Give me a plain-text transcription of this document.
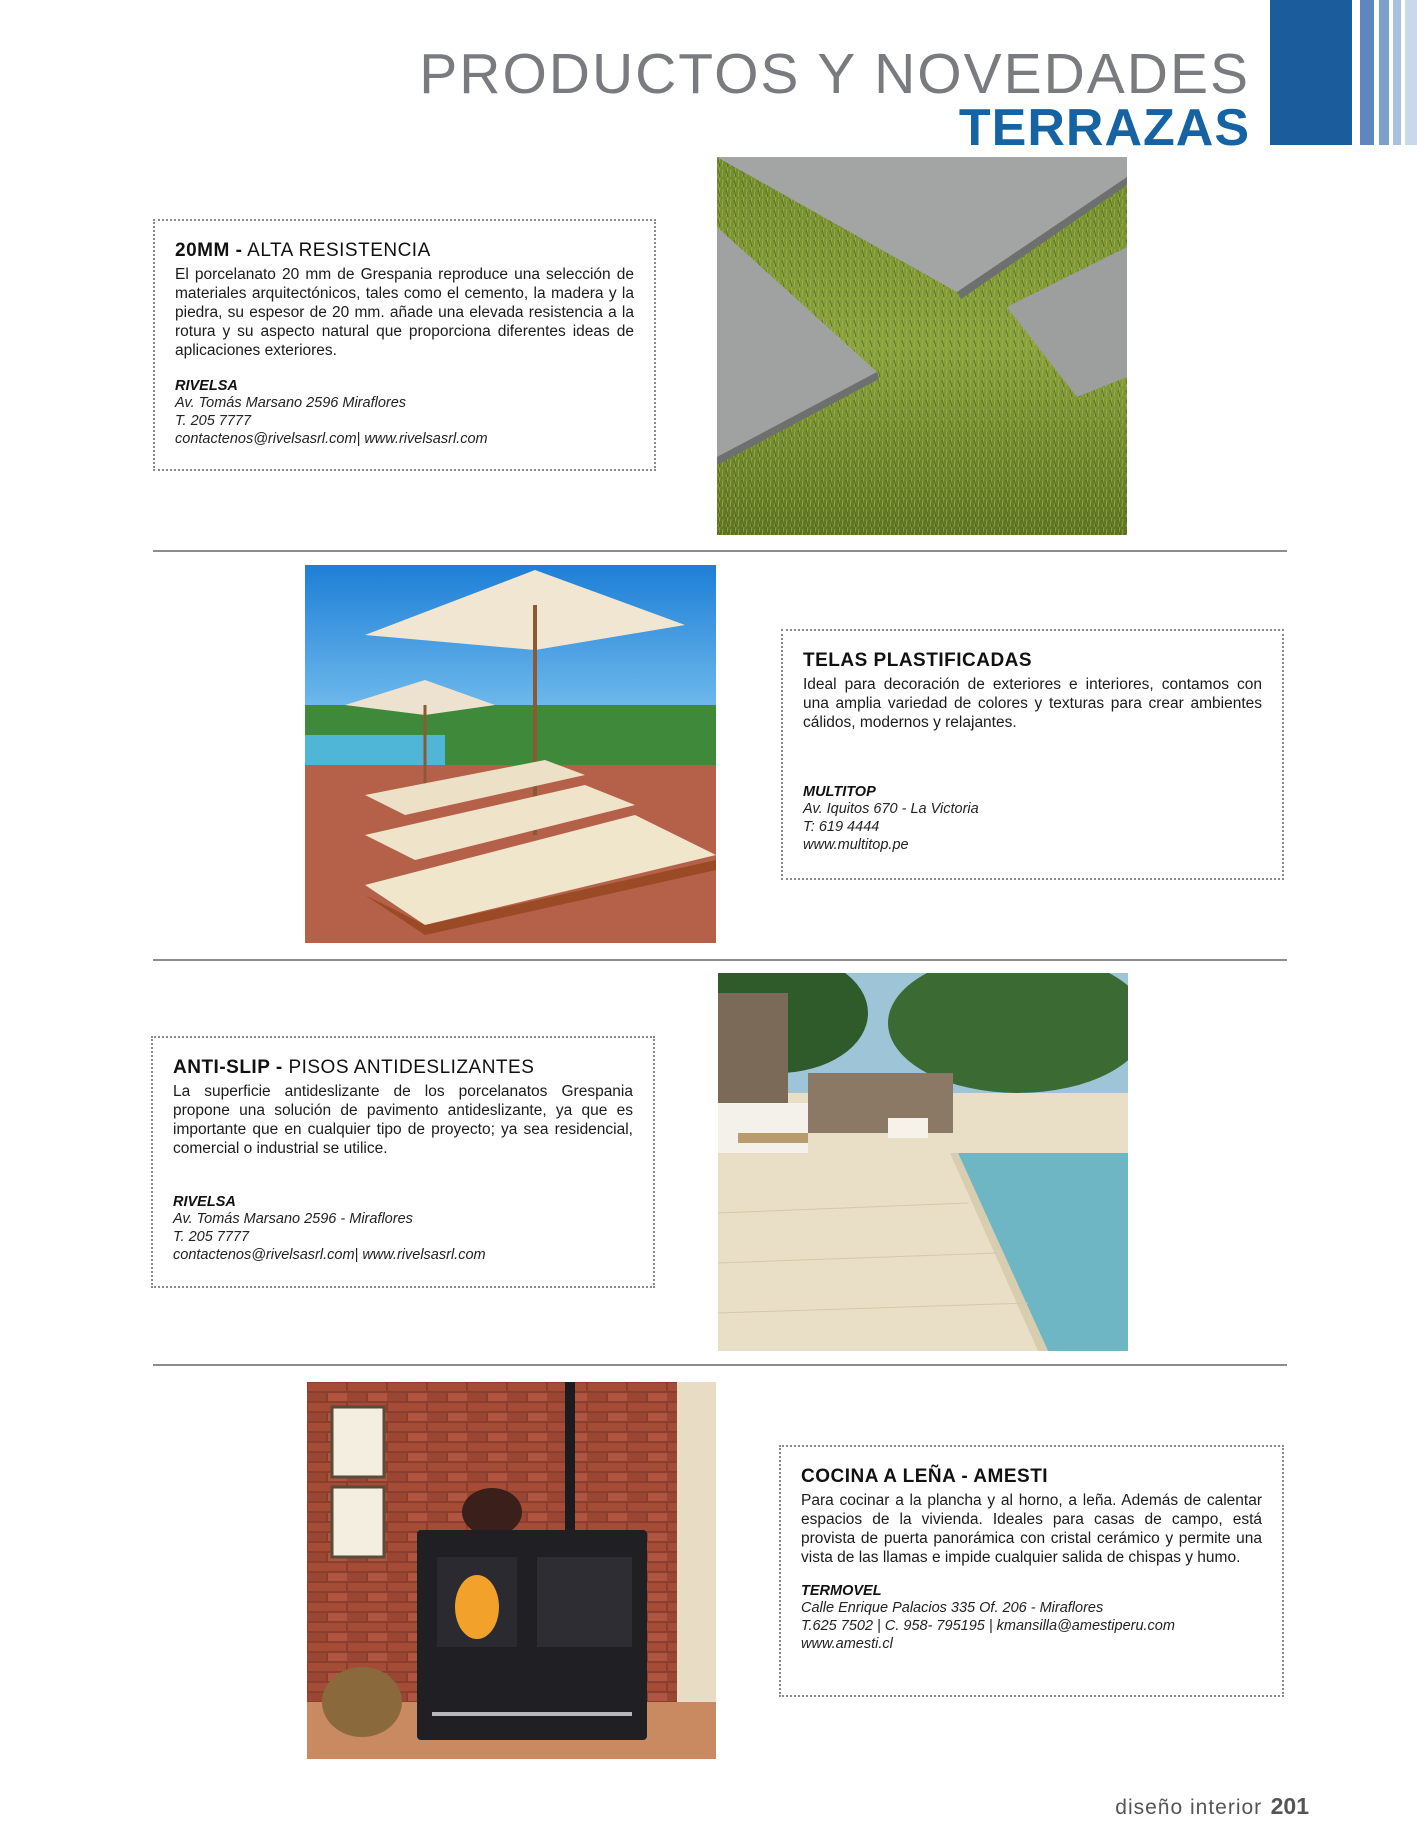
PRODUCTOS Y NOVEDADES
TERRAZAS
20MM - ALTA RESISTENCIA
El porcelanato 20 mm de Grespania reproduce una selección de materiales arquitectónicos, tales como el cemento, la madera y la piedra, su espesor de 20 mm. añade una elevada resistencia a la rotura y su aspecto natural que proporciona diferentes ideas de aplicaciones exteriores.
RIVELSA
Av. Tomás Marsano 2596 Miraflores
T. 205 7777
contactenos@rivelsasrl.com| www.rivelsasrl.com
TELAS PLASTIFICADAS
Ideal para decoración de exteriores e interiores, contamos con una amplia variedad de colores y texturas para crear ambientes cálidos, modernos y relajantes.
MULTITOP
Av. Iquitos 670 - La Victoria
T: 619 4444
www.multitop.pe
ANTI-SLIP - PISOS ANTIDESLIZANTES
La superficie antideslizante de los porcelanatos Grespania propone una solución de pavimento antideslizante, ya que es importante que en cualquier tipo de proyecto; ya sea residencial, comercial o industrial se utilice.
RIVELSA
Av. Tomás Marsano 2596 - Miraflores
T. 205 7777
contactenos@rivelsasrl.com| www.rivelsasrl.com
COCINA A LEÑA - AMESTI
Para cocinar a la plancha y al horno, a leña. Además de calentar espacios de la vivienda. Ideales para casas de campo, está provista de puerta panorámica con cristal cerámico y permite una vista de las llamas e impide cualquier salida de chispas y humo.
TERMOVEL
Calle Enrique Palacios 335 Of. 206 - Miraflores
T.625 7502 | C. 958- 795195 | kmansilla@amestiperu.com
www.amesti.cl
diseño interior 201
